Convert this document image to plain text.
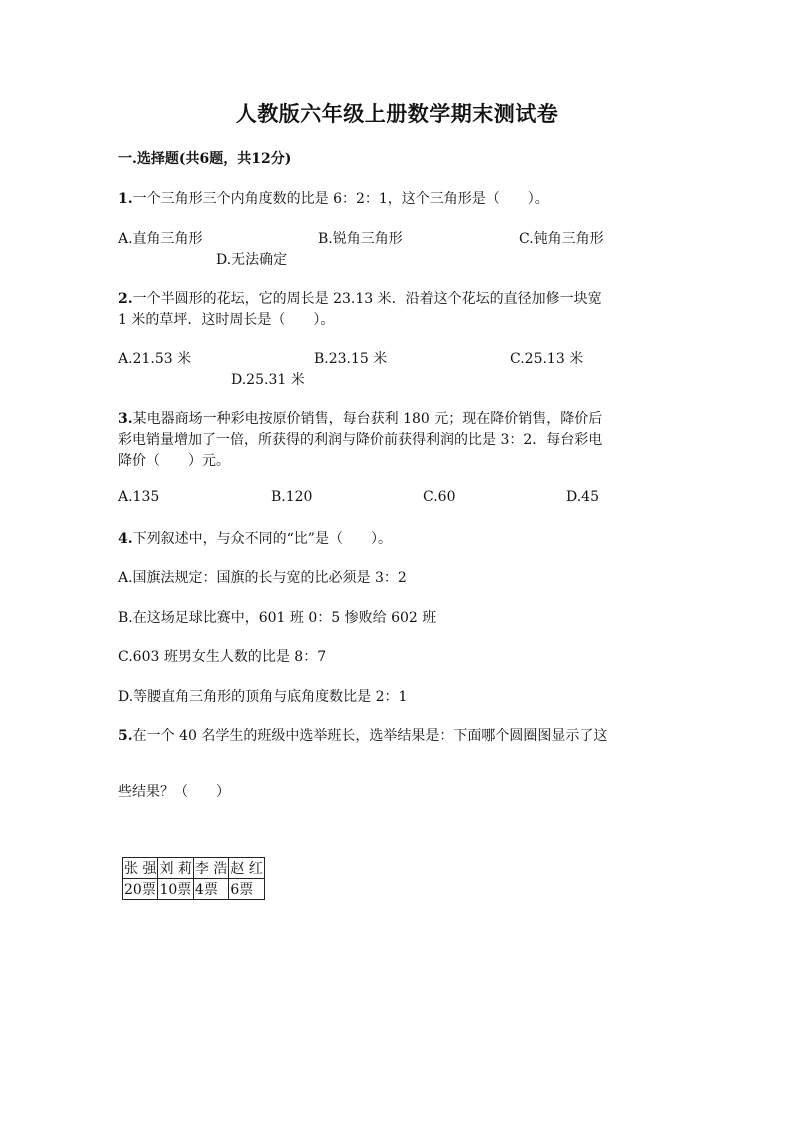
人教版六年级上册数学期末测试卷
一.选择题(共6题，共12分)
1.一个三角形三个内角度数的比是 6：2：1，这个三角形是（　　）。
A.直角三角形	B.锐角三角形	C.钝角三角形
D.无法确定
2.一个半圆形的花坛，它的周长是 23.13 米．沿着这个花坛的直径加修一块宽
1 米的草坪．这时周长是（　　）。
A.21.53 米	B.23.15 米	C.25.13 米
D.25.31 米
3.某电器商场一种彩电按原价销售，每台获利 180 元；现在降价销售，降价后
彩电销量增加了一倍，所获得的利润与降价前获得利润的比是 3：2．每台彩电
降价（　　）元。
A.135	B.120	C.60	D.45
4.下列叙述中，与众不同的“比”是（　　）。
A.国旗法规定：国旗的长与宽的比必须是 3：2
B.在这场足球比赛中，601 班 0：5 惨败给 602 班
C.603 班男女生人数的比是 8：7
D.等腰直角三角形的顶角与底角度数比是 2：1
5.在一个 40 名学生的班级中选举班长，选举结果是：下面哪个圆圈图显示了这
些结果？（　　）
张 强	刘 莉	李 浩	赵 红
20票	10票	4票	6票
